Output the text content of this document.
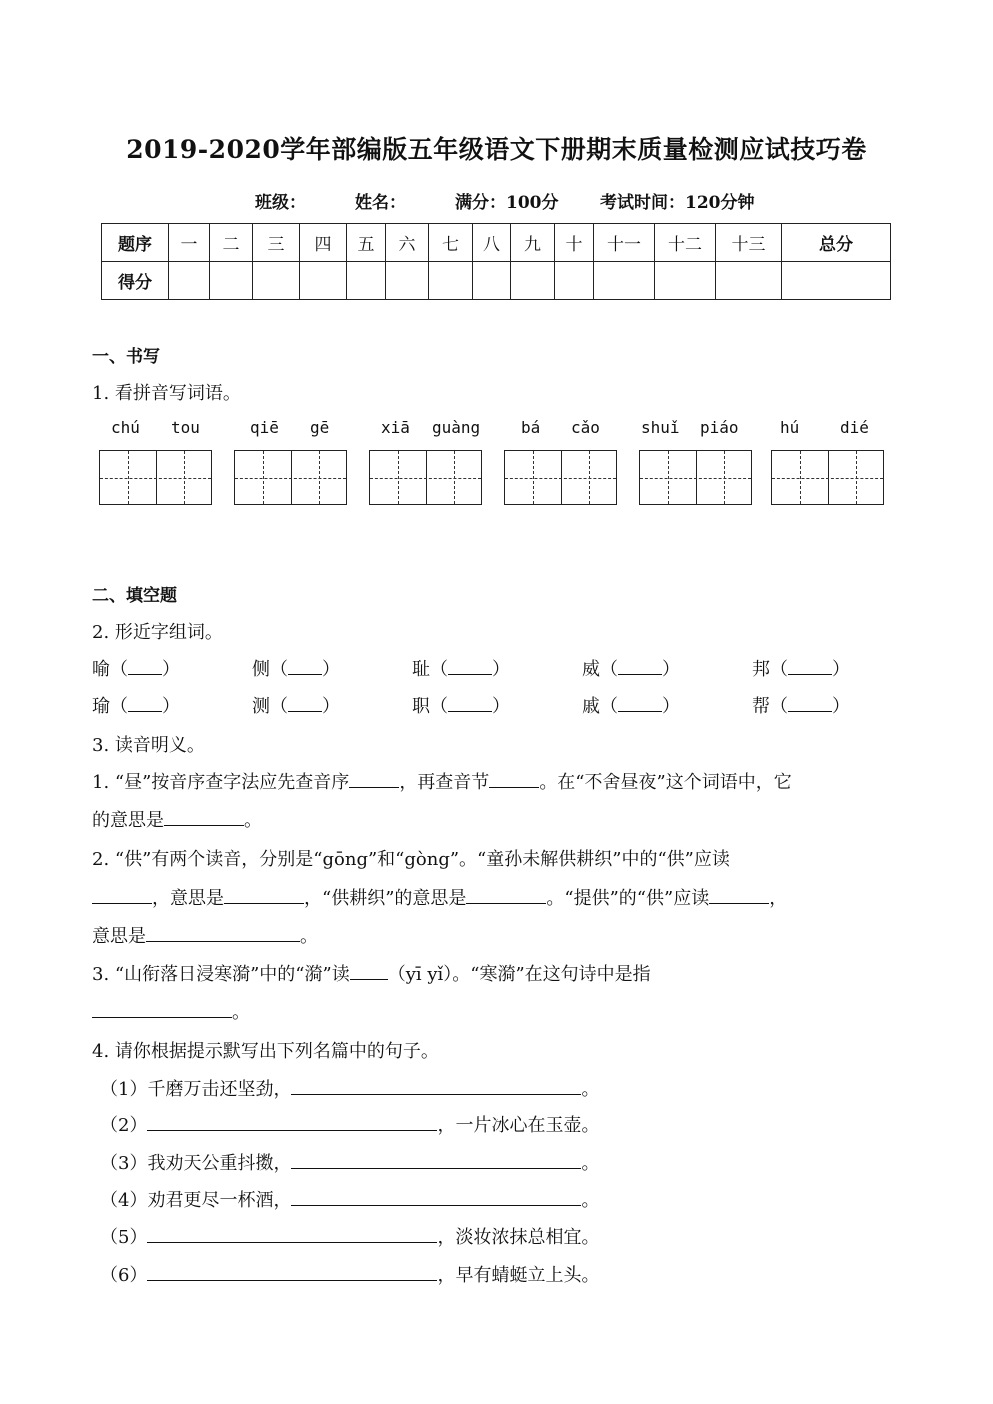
2019-2020学年部编版五年级语文下册期末质量检测应试技巧卷
班级：	姓名：	满分：100分 考试时间：120分钟
题序	一	二	三	四	五	六	七	八	九	十	十一	十二	十三	总分
得分														
一、书写
1. 看拼音写词语。
chú tou	qiē gē	xiā guàng	bá cǎo	shuǐ piáo	hú	dié
二、填空题
2. 形近字组词。
喻（ ）	侧（ ）	耻（ ）	威（ ）	邦（ ）
瑜（ ）	测（ ）	职（ ）	戚（ ）	帮（ ）
3. 读音明义。
1. “昼”按音序查字法应先查音序	，再查音节	。在“不舍昼夜”这个词语中，它
的意思是	。
2. “供”有两个读音，分别是“gōng”和“gòng”。“童孙未解供耕织”中的“供”应读
，意思是	，“供耕织”的意思是	。“提供”的“供”应读	，
意思是	。
3. “山衔落日浸寒漪”中的“漪”读 （yī yǐ）。“寒漪”在这句诗中是指
。
4. 请你根据提示默写出下列名篇中的句子。
（1）千磨万击还坚劲，	。
（2）	，一片冰心在玉壶。
（3）我劝天公重抖擞，	。
（4）劝君更尽一杯酒，	。
（5）	，淡妆浓抹总相宜。
（6）	，早有蜻蜓立上头。
